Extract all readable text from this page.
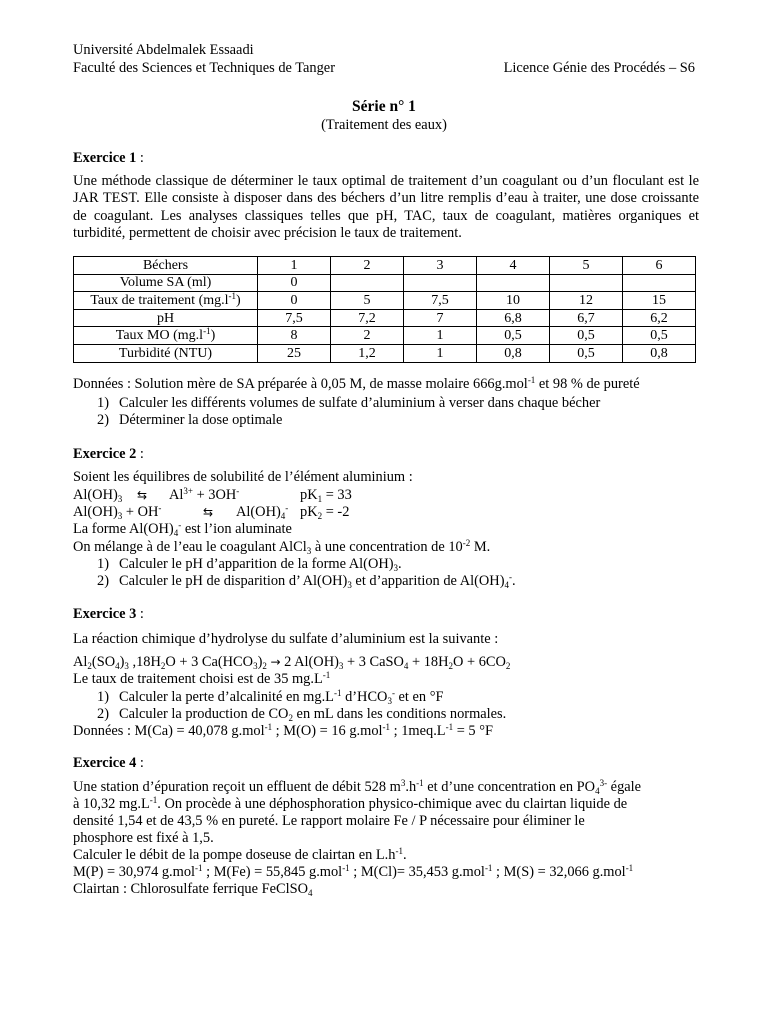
Université Abdelmalek Essaadi
Faculté des Sciences et Techniques de Tanger	Licence Génie des Procédés – S6
Série n° 1
(Traitement des eaux)
Exercice 1 :
Une méthode classique de déterminer le taux optimal de traitement d’un coagulant ou d’un floculant est le JAR TEST. Elle consiste à disposer dans des béchers d’un litre remplis d’eau à traiter, une dose croissante de coagulant. Les analyses classiques telles que pH, TAC, taux de coagulant, matières organiques et turbidité, permettent de choisir avec précision le taux de traitement.
Béchers	1	2	3	4	5	6
Volume SA (ml)	0					
Taux de traitement $(mg.l^{-1})$	0	5	7,5	10	12	15
pH	7,5	7,2	7	6,8	6,7	6,2
Taux MO $(mg.l^{-1})$	8	2	1	0,5	0,5	0,5
Turbidité (NTU)	25	1,2	1	0,8	0,5	0,8
Données : Solution mère de SA préparée à 0,05 M, de masse molaire 666g.mol$^{-1}$ et 98 % de pureté
1) Calculer les différents volumes de sulfate d’aluminium à verser dans chaque bécher
2) Déterminer la dose optimale
Exercice 2 :
Soient les équilibres de solubilité de l’élément aluminium :
$Al(OH)_3$ ⇆ $Al^{3+} + 3OH^-$	$pK_1 = 33$
$Al(OH)_3 + OH^-$	⇆ $Al(OH)_4^-$ $pK_2 = -2$
La forme $Al(OH)_4^-$ est l’ion aluminate
On mélange à de l’eau le coagulant AlCl$_3$ à une concentration de $10^{-2}$ M.
1) Calculer le pH d’apparition de la forme $Al(OH)_3$.
2) Calculer le pH de disparition d’ $Al(OH)_3$ et d’apparition de $Al(OH)_4^-$.
Exercice 3 :
La réaction chimique d’hydrolyse du sulfate d’aluminium est la suivante :
$Al_2(SO_4)_3$ $,18H_2O + 3$ $Ca(HCO_3)_2 \to 2$ $Al(OH)_3 + 3$ CaSO$_4$ + $18H_2O + 6CO_2$
Le taux de traitement choisi est de 35 $mg.L^{-1}$
1) Calculer la perte d’alcalinité en $mg.L^{-1}$ $d’HCO_3^-$ et en °F
2) Calculer la production de $CO_2$ en mL dans les conditions normales.
Données : M(Ca) = 40,078 g.mol$^{-1}$ ; M(O) = 16 g.mol$^{-1}$ ; $1meq.L^{-1} = 5$ °F
Exercice 4 :
Une station d’épuration reçoit un effluent de débit 528 $m^3.h^{-1}$ et d’une concentration en $PO_4^{3-}$ égale
à 10,32 $mg.L^{-1}$. On procède à une déphosphoration physico-chimique avec du clairtan liquide de
densité 1,54 et de 43,5 % en pureté. Le rapport molaire Fe / P nécessaire pour éliminer le
phosphore est fixé à 1,5.
Calculer le débit de la pompe doseuse de clairtan en $L.h^{-1}$.
M(P) = 30,974 g.mol$^{-1}$ ; M(Fe) = 55,845 g.mol$^{-1}$ ; M(Cl)= 35,453 g.mol$^{-1}$ ; M(S) = 32,066 g.mol$^{-1}$
Clairtan : Chlorosulfate ferrique FeClSO$_4$
